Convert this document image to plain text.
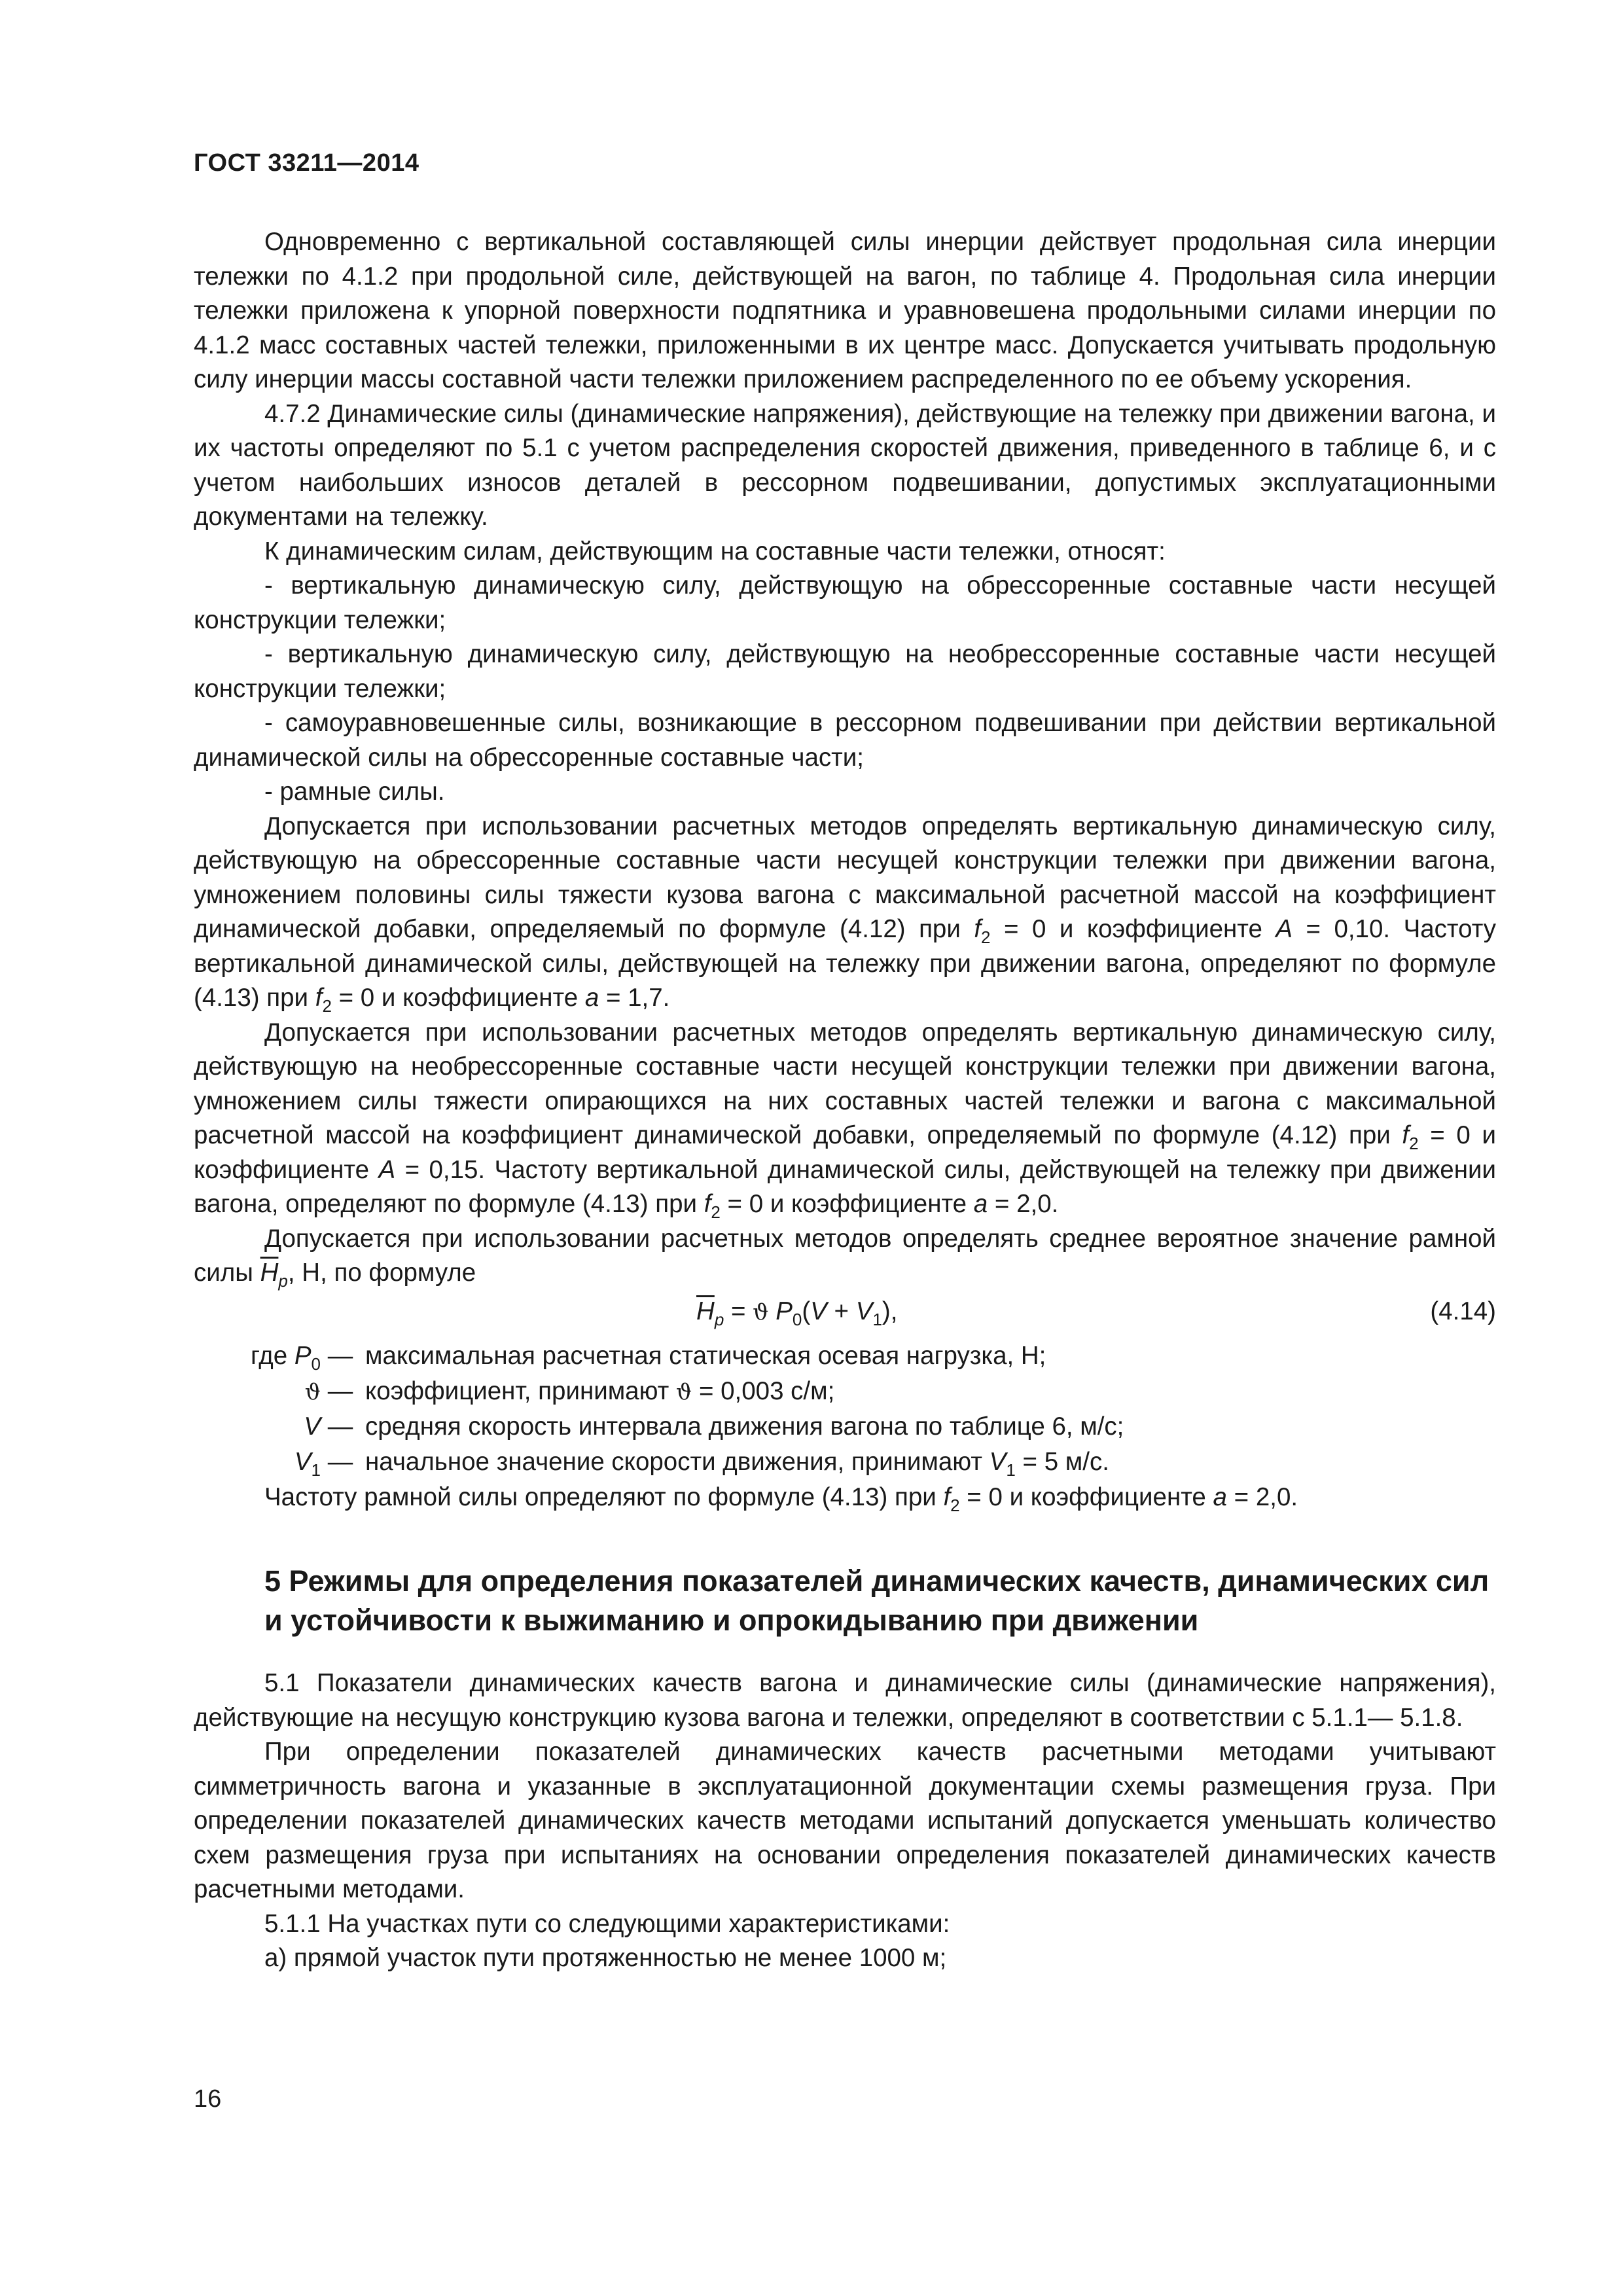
ГОСТ 33211—2014

Одновременно с вертикальной составляющей силы инерции действует продольная сила инерции тележки по 4.1.2 при продольной силе, действующей на вагон, по таблице 4. Продольная сила инерции тележки приложена к упорной поверхности подпятника и уравновешена продольными силами инерции по 4.1.2 масс составных частей тележки, приложенными в их центре масс. Допускается учитывать продольную силу инерции массы составной части тележки приложением распределенного по ее объему ускорения.

4.7.2 Динамические силы (динамические напряжения), действующие на тележку при движении вагона, и их частоты определяют по 5.1 с учетом распределения скоростей движения, приведенного в таблице 6, и с учетом наибольших износов деталей в рессорном подвешивании, допустимых эксплуатационными документами на тележку.

К динамическим силам, действующим на составные части тележки, относят:

- вертикальную динамическую силу, действующую на обрессоренные составные части несущей конструкции тележки;

- вертикальную динамическую силу, действующую на необрессоренные составные части несущей конструкции тележки;

- самоуравновешенные силы, возникающие в рессорном подвешивании при действии вертикальной динамической силы на обрессоренные составные части;

- рамные силы.

Допускается при использовании расчетных методов определять вертикальную динамическую силу, действующую на обрессоренные составные части несущей конструкции тележки при движении вагона, умножением половины силы тяжести кузова вагона с максимальной расчетной массой на коэффициент динамической добавки, определяемый по формуле (4.12) при $f_2 = 0$ и коэффициенте A = 0,10. Частоту вертикальной динамической силы, действующей на тележку при движении вагона, определяют по формуле (4.13) при $f_2 = 0$ и коэффициенте a = 1,7.

Допускается при использовании расчетных методов определять вертикальную динамическую силу, действующую на необрессоренные составные части несущей конструкции тележки при движении вагона, умножением силы тяжести опирающихся на них составных частей тележки и вагона с максимальной расчетной массой на коэффициент динамической добавки, определяемый по формуле (4.12) при $f_2 = 0$ и коэффициенте A = 0,15. Частоту вертикальной динамической силы, действующей на тележку при движении вагона, определяют по формуле (4.13) при $f_2 = 0$ и коэффициенте a = 2,0.

Допускается при использовании расчетных методов определять среднее вероятное значение рамной силы $\overline{H}_p$, Н, по формуле

$\overline{H}_p = ϑ$ $P_0(V + V_1)$,	(4.14)
где $P_0$ — максимальная расчетная статическая осевая нагрузка, Н;
ϑ — коэффициент, принимают ϑ = 0,003 с/м;
V — средняя скорость интервала движения вагона по таблице 6, м/с;
$V_1$ — начальное значение скорости движения, принимают $V_1 = 5$ м/с.

Частоту рамной силы определяют по формуле (4.13) при $f_2 = 0$ и коэффициенте a = 2,0.

5 Режимы для определения показателей динамических качеств, динамических сил и устойчивости к выжиманию и опрокидыванию при движении

5.1 Показатели динамических качеств вагона и динамические силы (динамические напряжения), действующие на несущую конструкцию кузова вагона и тележки, определяют в соответствии с 5.1.1— 5.1.8.

При определении показателей динамических качеств расчетными методами учитывают симметричность вагона и указанные в эксплуатационной документации схемы размещения груза. При определении показателей динамических качеств методами испытаний допускается уменьшать количество схем размещения груза при испытаниях на основании определения показателей динамических качеств расчетными методами.

5.1.1 На участках пути со следующими характеристиками:

а) прямой участок пути протяженностью не менее 1000 м;

16
